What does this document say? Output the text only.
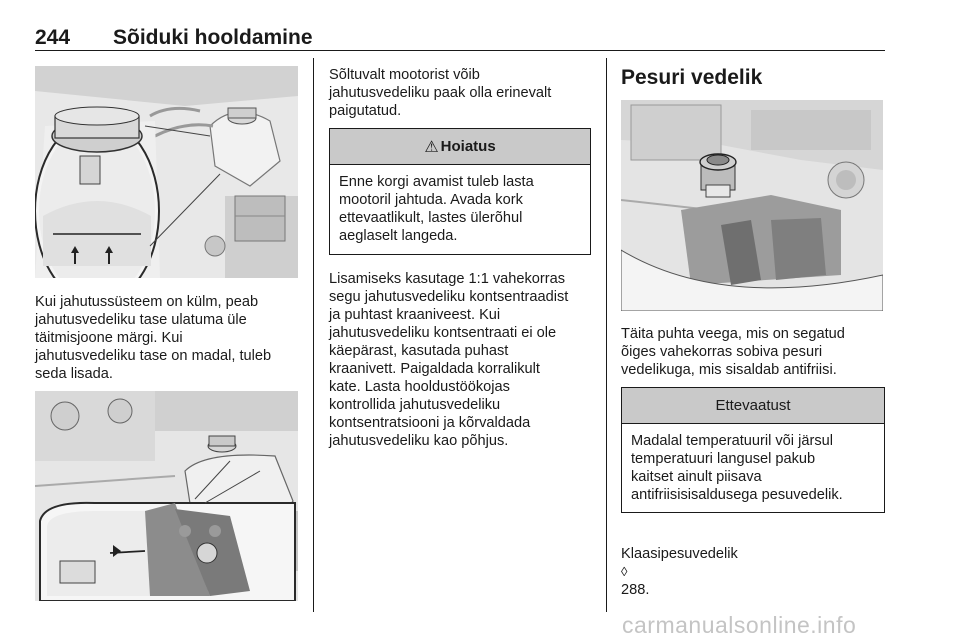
244 Sõiduki hooldamine

Kui jahutussüsteem on külm, peab
jahutusvedeliku tase ulatuma üle
täitmisjoone märgi. Kui
jahutusvedeliku tase on madal, tuleb
seda lisada.

Sõltuvalt mootorist võib
jahutusvedeliku paak olla erinevalt
paigutatud.

⚠ Hoiatus
Enne korgi avamist tuleb lasta
mootoril jahtuda. Avada kork
ettevaatlikult, lastes ülerõhul
aeglaselt langeda.

Lisamiseks kasutage 1:1 vahekorras
segu jahutusvedeliku kontsentraadist
ja puhtast kraaniveest. Kui
jahutusvedeliku kontsentraati ei ole
käepärast, kasutada puhast
kraanivett. Paigaldada korralikult
kate. Lasta hooldustöökojas
kontrollida jahutusvedeliku
kontsentratsiooni ja kõrvaldada
jahutusvedeliku kao põhjus.

Pesuri vedelik

Täita puhta veega, mis on segatud
õiges vahekorras sobiva pesuri
vedelikuga, mis sisaldab antifriisi.

Ettevaatust
Madalal temperatuuril või järsul
temperatuuri langusel pakub
kaitset ainult piisava
antifriisisisaldusega pesuvedelik.

Klaasipesuvedelik
◊
288.

carmanualsonline.info
